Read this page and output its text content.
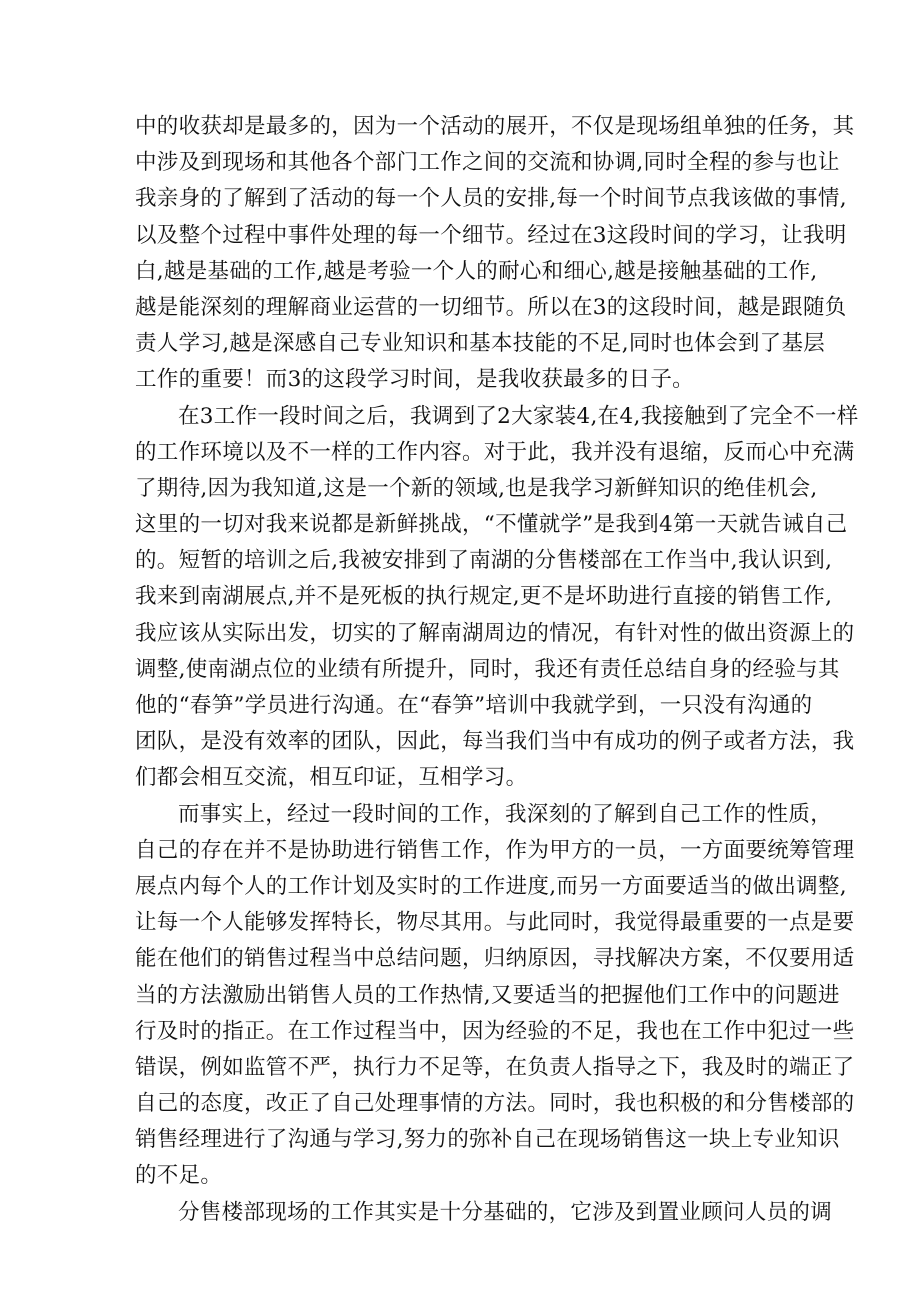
中的收获却是最多的，因为一个活动的展开，不仅是现场组单独的任务，其
中涉及到现场和其他各个部门工作之间的交流和协调,同时全程的参与也让
我亲身的了解到了活动的每一个人员的安排,每一个时间节点我该做的事情,
以及整个过程中事件处理的每一个细节。经过在3这段时间的学习，让我明
白,越是基础的工作,越是考验一个人的耐心和细心,越是接触基础的工作,
越是能深刻的理解商业运营的一切细节。所以在3的这段时间，越是跟随负
责人学习,越是深感自己专业知识和基本技能的不足,同时也体会到了基层
工作的重要！而3的这段学习时间，是我收获最多的日子。
在3工作一段时间之后，我调到了2大家装4,在4,我接触到了完全不一样
的工作环境以及不一样的工作内容。对于此，我并没有退缩，反而心中充满
了期待,因为我知道,这是一个新的领域,也是我学习新鲜知识的绝佳机会,
这里的一切对我来说都是新鲜挑战，“不懂就学”是我到4第一天就告诫自己
的。短暂的培训之后,我被安排到了南湖的分售楼部在工作当中,我认识到,
我来到南湖展点,并不是死板的执行规定,更不是坏助进行直接的销售工作,
我应该从实际出发，切实的了解南湖周边的情况，有针对性的做出资源上的
调整,使南湖点位的业绩有所提升，同时，我还有责任总结自身的经验与其
他的“春笋”学员进行沟通。在“春笋”培训中我就学到，一只没有沟通的
团队，是没有效率的团队，因此，每当我们当中有成功的例子或者方法，我
们都会相互交流，相互印证，互相学习。
而事实上，经过一段时间的工作，我深刻的了解到自己工作的性质，
自己的存在并不是协助进行销售工作，作为甲方的一员，一方面要统筹管理
展点内每个人的工作计划及实时的工作进度,而另一方面要适当的做出调整,
让每一个人能够发挥特长，物尽其用。与此同时，我觉得最重要的一点是要
能在他们的销售过程当中总结问题，归纳原因，寻找解决方案，不仅要用适
当的方法激励出销售人员的工作热情,又要适当的把握他们工作中的问题进
行及时的指正。在工作过程当中，因为经验的不足，我也在工作中犯过一些
错误，例如监管不严，执行力不足等，在负责人指导之下，我及时的端正了
自己的态度，改正了自己处理事情的方法。同时，我也积极的和分售楼部的
销售经理进行了沟通与学习,努力的弥补自己在现场销售这一块上专业知识
的不足。
分售楼部现场的工作其实是十分基础的，它涉及到置业顾问人员的调
